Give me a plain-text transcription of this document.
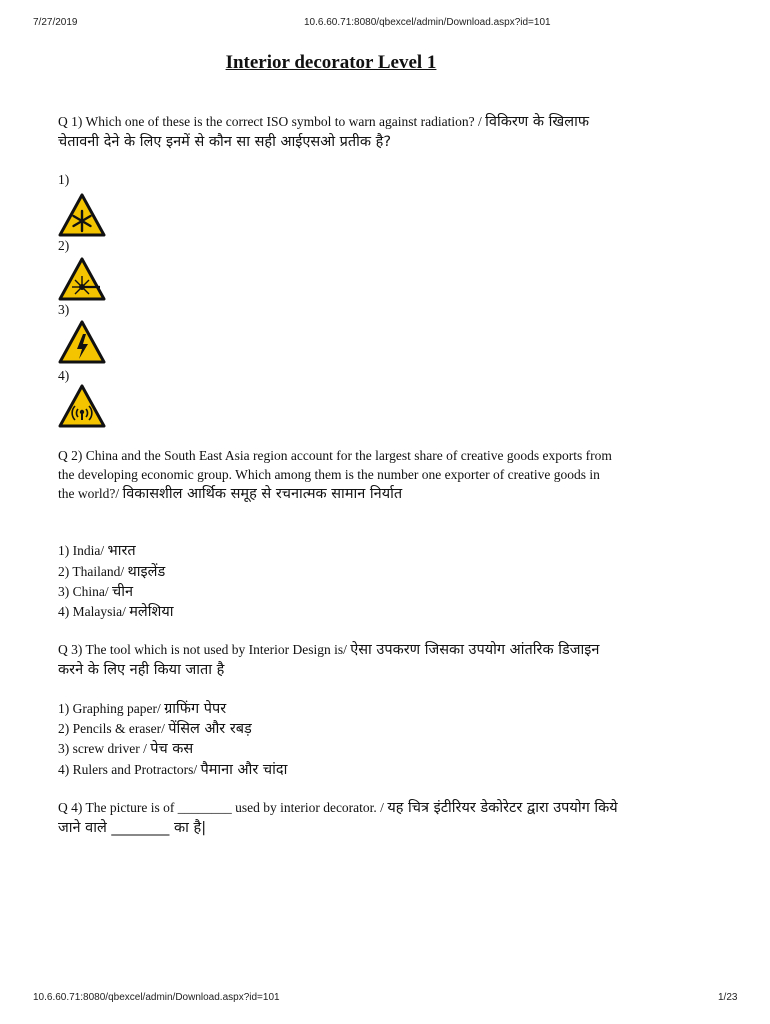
7/27/2019	10.6.60.71:8080/qbexcel/admin/Download.aspx?id=101
Interior decorator Level 1
Q 1) Which one of these is the correct ISO symbol to warn against radiation? / विकिरण के खिलाफ चेतावनी देने के लिए इनमें से कौन सा सही आईएसओ प्रतीक है?
1)
2)
3)
4)
Q 2) China and the South East Asia region account for the largest share of creative goods exports from the developing economic group. Which among them is the number one exporter of creative goods in the world?/ विकासशील आर्थिक समूह से रचनात्मक सामान निर्यात
1) India/ भारत
2) Thailand/ थाइलेंड
3) China/ चीन
4) Malaysia/ मलेशिया
Q 3) The tool which is not used by Interior Design is/ ऐसा उपकरण जिसका उपयोग आंतरिक डिजाइन करने के लिए नही किया जाता है
1) Graphing paper/ ग्राफिंग पेपर
2) Pencils & eraser/ पेंसिल और रबड़
3) screw driver / पेच कस
4) Rulers and Protractors/ पैमाना और चांदा
Q 4) The picture is of ________ used by interior decorator. / यह चित्र इंटीरियर डेकोरेटर द्वारा उपयोग किये जाने वाले ________ का है|
10.6.60.71:8080/qbexcel/admin/Download.aspx?id=101	1/23
